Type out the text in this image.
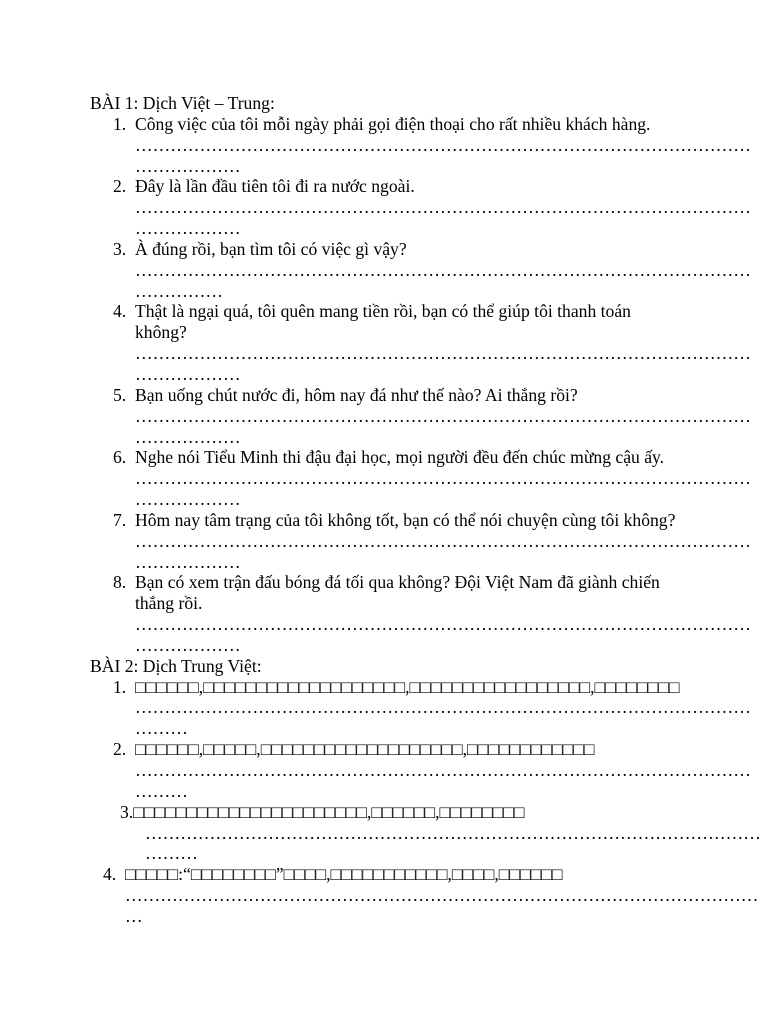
BÀI 1: Dịch Việt – Trung:
1. Công việc của tôi mỗi ngày phải gọi điện thoại cho rất nhiều khách hàng.
……………………………………………………………………………………………
………………
2. Đây là lần đầu tiên tôi đi ra nước ngoài.
……………………………………………………………………………………………
………………
3. À đúng rồi, bạn tìm tôi có việc gì vậy?
……………………………………………………………………………………………
……………
4. Thật là ngại quá, tôi quên mang tiền rồi, bạn có thể giúp tôi thanh toán không?
……………………………………………………………………………………………
………………
5. Bạn uống chút nước đi, hôm nay đá như thế nào? Ai thắng rồi?
……………………………………………………………………………………………
………………
6. Nghe nói Tiểu Minh thi đậu đại học, mọi người đều đến chúc mừng cậu ấy.
……………………………………………………………………………………………
………………
7. Hôm nay tâm trạng của tôi không tốt, bạn có thể nói chuyện cùng tôi không?
……………………………………………………………………………………………
………………
8. Bạn có xem trận đấu bóng đá tối qua không? Đội Việt Nam đã giành chiến thắng rồi.
……………………………………………………………………………………………
………………
BÀI 2: Dịch Trung Việt:
1. □□□□□□,□□□□□□□□□□□□□□□□□□□,□□□□□□□□□□□□□□□□□,□□□□□□□□
……………………………………………………………………………………………
………
2. □□□□□□,□□□□□,□□□□□□□□□□□□□□□□□□□,□□□□□□□□□□□□
……………………………………………………………………………………………
………
3.□□□□□□□□□□□□□□□□□□□□□□,□□□□□□,□□□□□□□□
……………………………………………………………………………………………
………
4. □□□□□:“□□□□□□□□”□□□□,□□□□□□□□□□□,□□□□,□□□□□□
………………………………………………………………………………………………
…
